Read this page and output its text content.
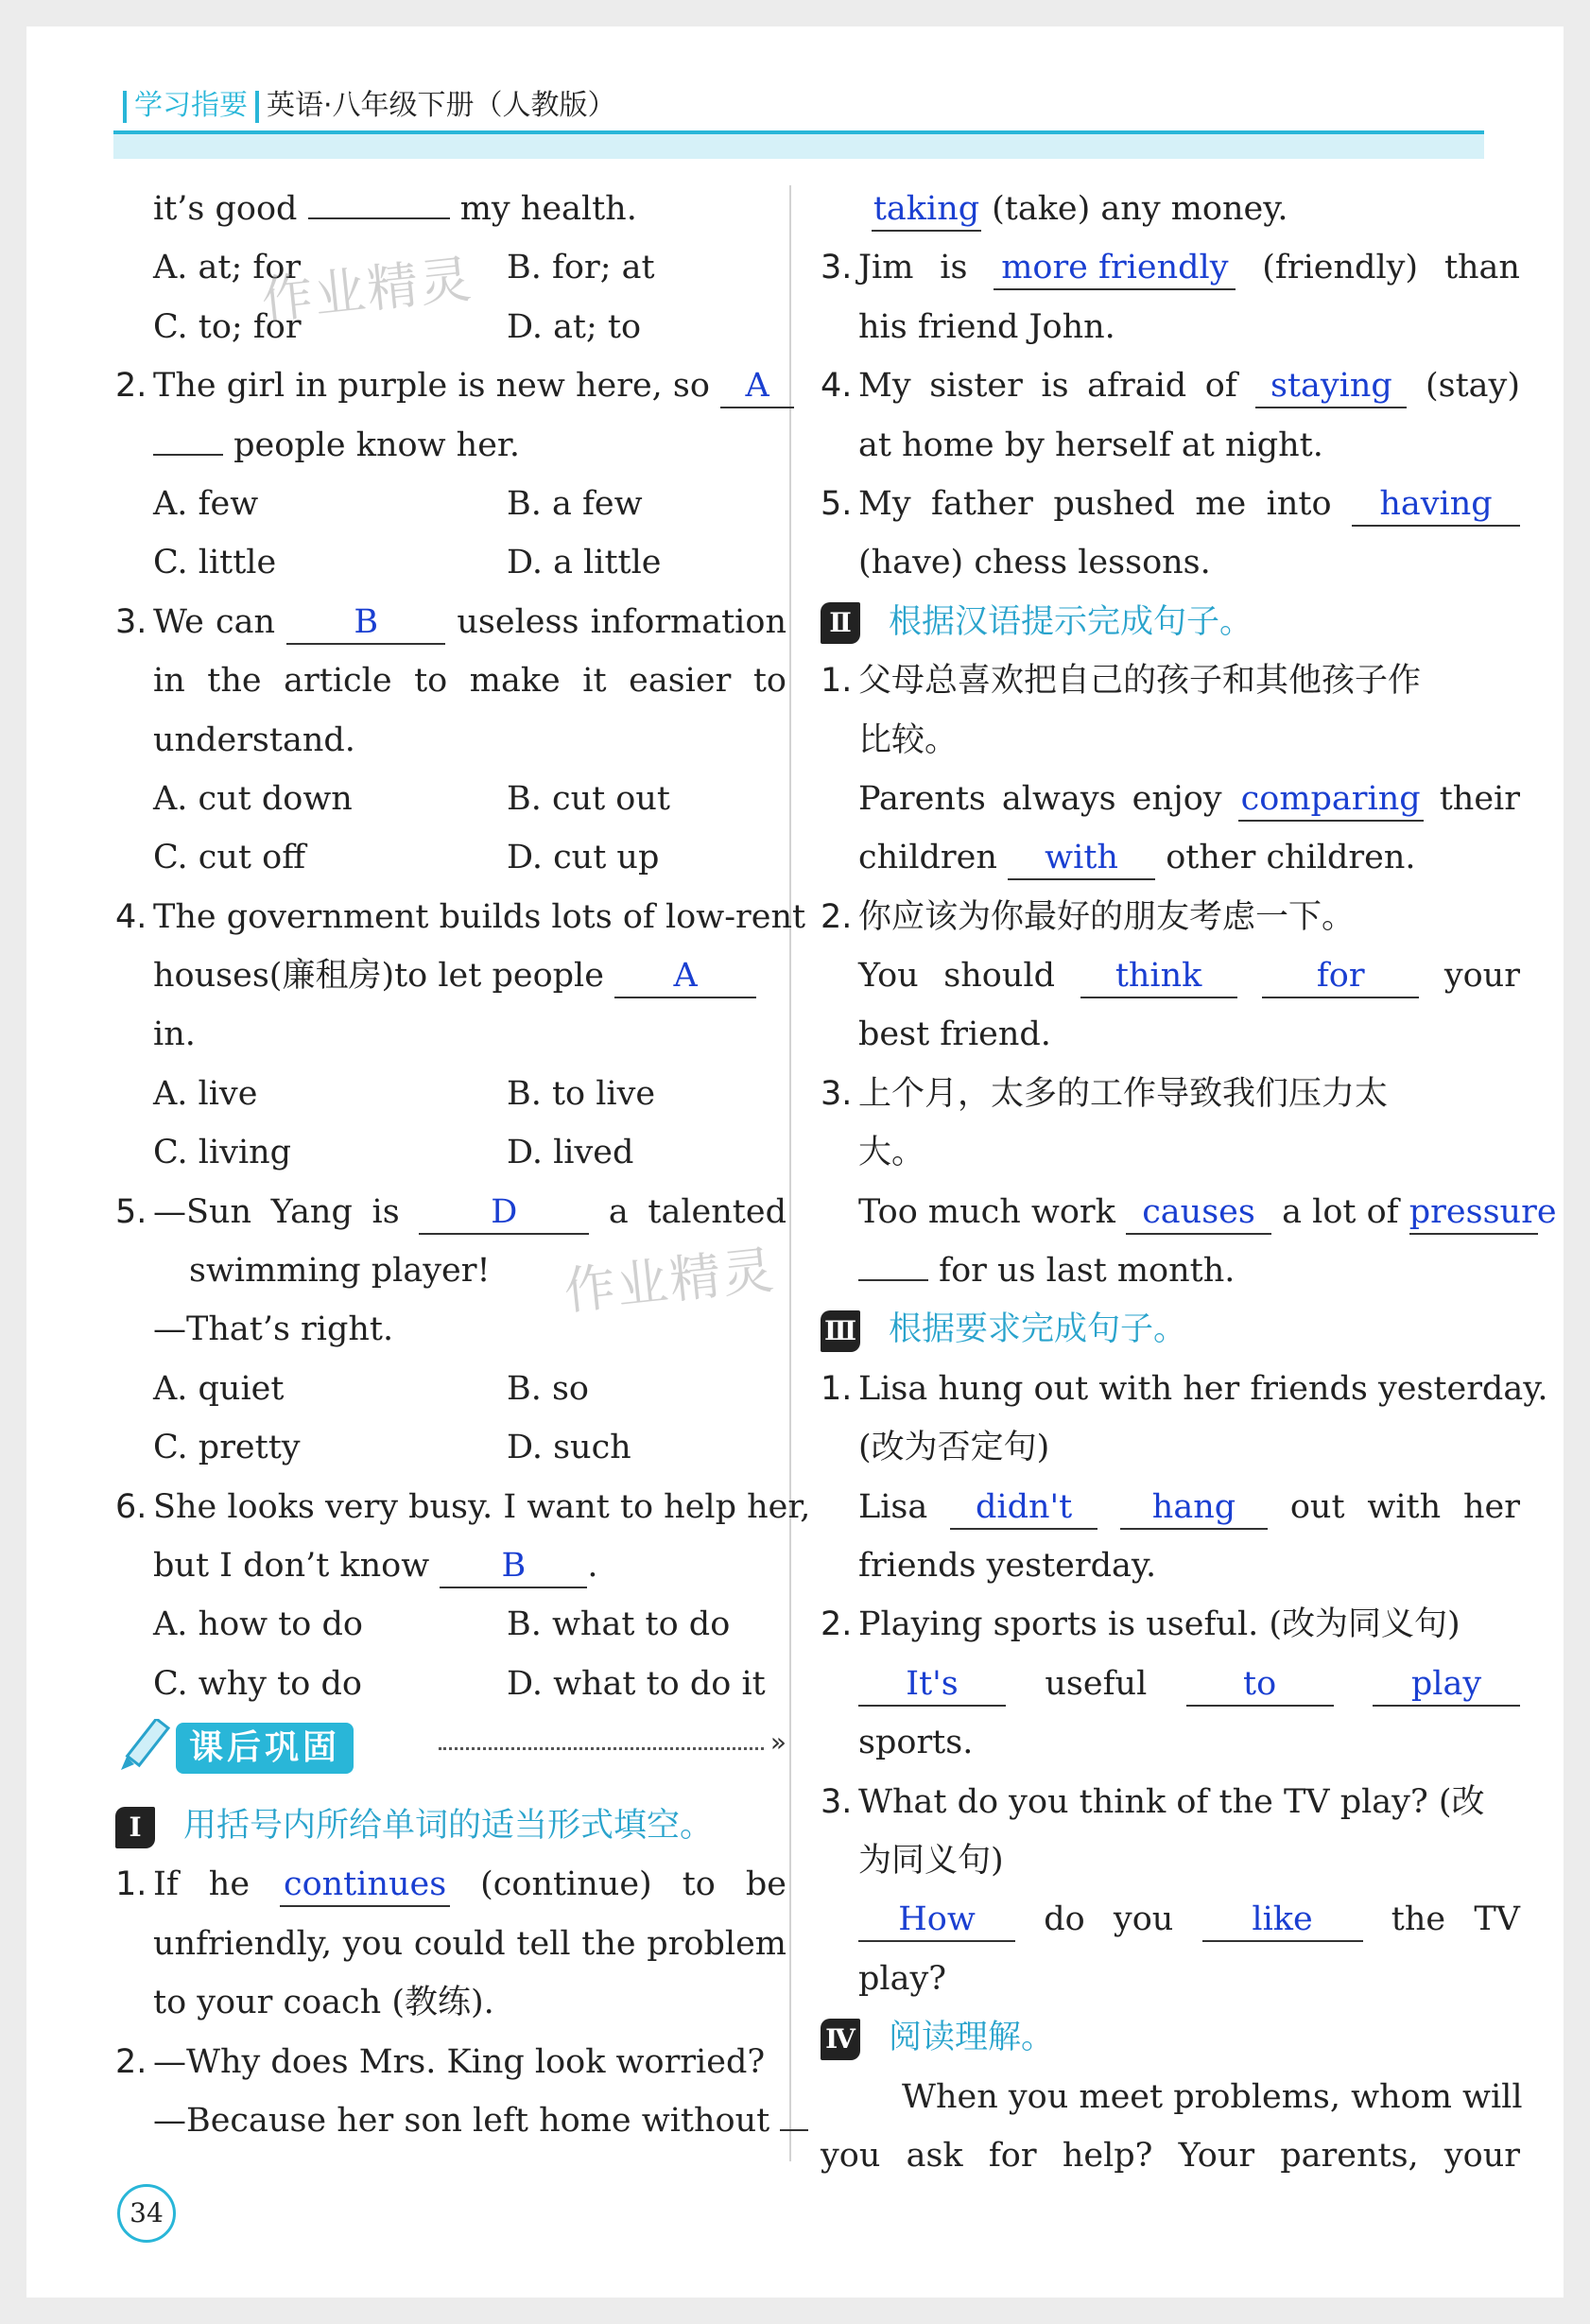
学习指要 英语·八年级下册（人教版）
it’s good	my health.
A. at; for	B. for; at
C. to; for	D. at; to
2. The girl in purple is new here, so A
people know her.
A. few	B. a few
C. little	D. a little
3. We can B useless information
in the article to make it easier to
understand.
A. cut down	B. cut out
C. cut off	D. cut up
4. The government builds lots of low-rent
houses(廉租房)to let people A
in.
A. live	B. to live
C. living	D. lived
5. —Sun Yang is	D	a talented
swimming player!
—That’s right.
A. quiet	B. so
C. pretty	D. such
6. She looks very busy. I want to help her,
but I don’t know B .
A. how to do	B. what to do
C. why to do	D. what to do it
课后巩固	»
Ⅰ 用括号内所给单词的适当形式填空。
1. If he continues (continue) to be
unfriendly, you could tell the problem
to your coach (教练).
2. —Why does Mrs. King look worried?
—Because her son left home without
taking (take) any money.
3. Jim is more friendly (friendly) than
his friend John.
4. My sister is afraid of staying (stay)
at home by herself at night.
5. My father pushed me into having
(have) chess lessons.
Ⅱ 根据汉语提示完成句子。
1. 父母总喜欢把自己的孩子和其他孩子作
比较。
Parents always enjoy comparing their
children with other children.
2. 你应该为你最好的朋友考虑一下。
You should think	for your
best friend.
3. 上个月，太多的工作导致我们压力太
大。
Too much work causes a lot of pressure
for us last month.
Ⅲ 根据要求完成句子。
1. Lisa hung out with her friends yesterday.
(改为否定句)
Lisa didn't hang out with her
friends yesterday.
2. Playing sports is useful. (改为同义句)
It's	useful	to	play
sports.
3. What do you think of the TV play? (改
为同义句)
How do you like the TV
play?
Ⅳ 阅读理解。
When you meet problems, whom will
you ask for help? Your parents, your
作业精灵
作业精灵
34
